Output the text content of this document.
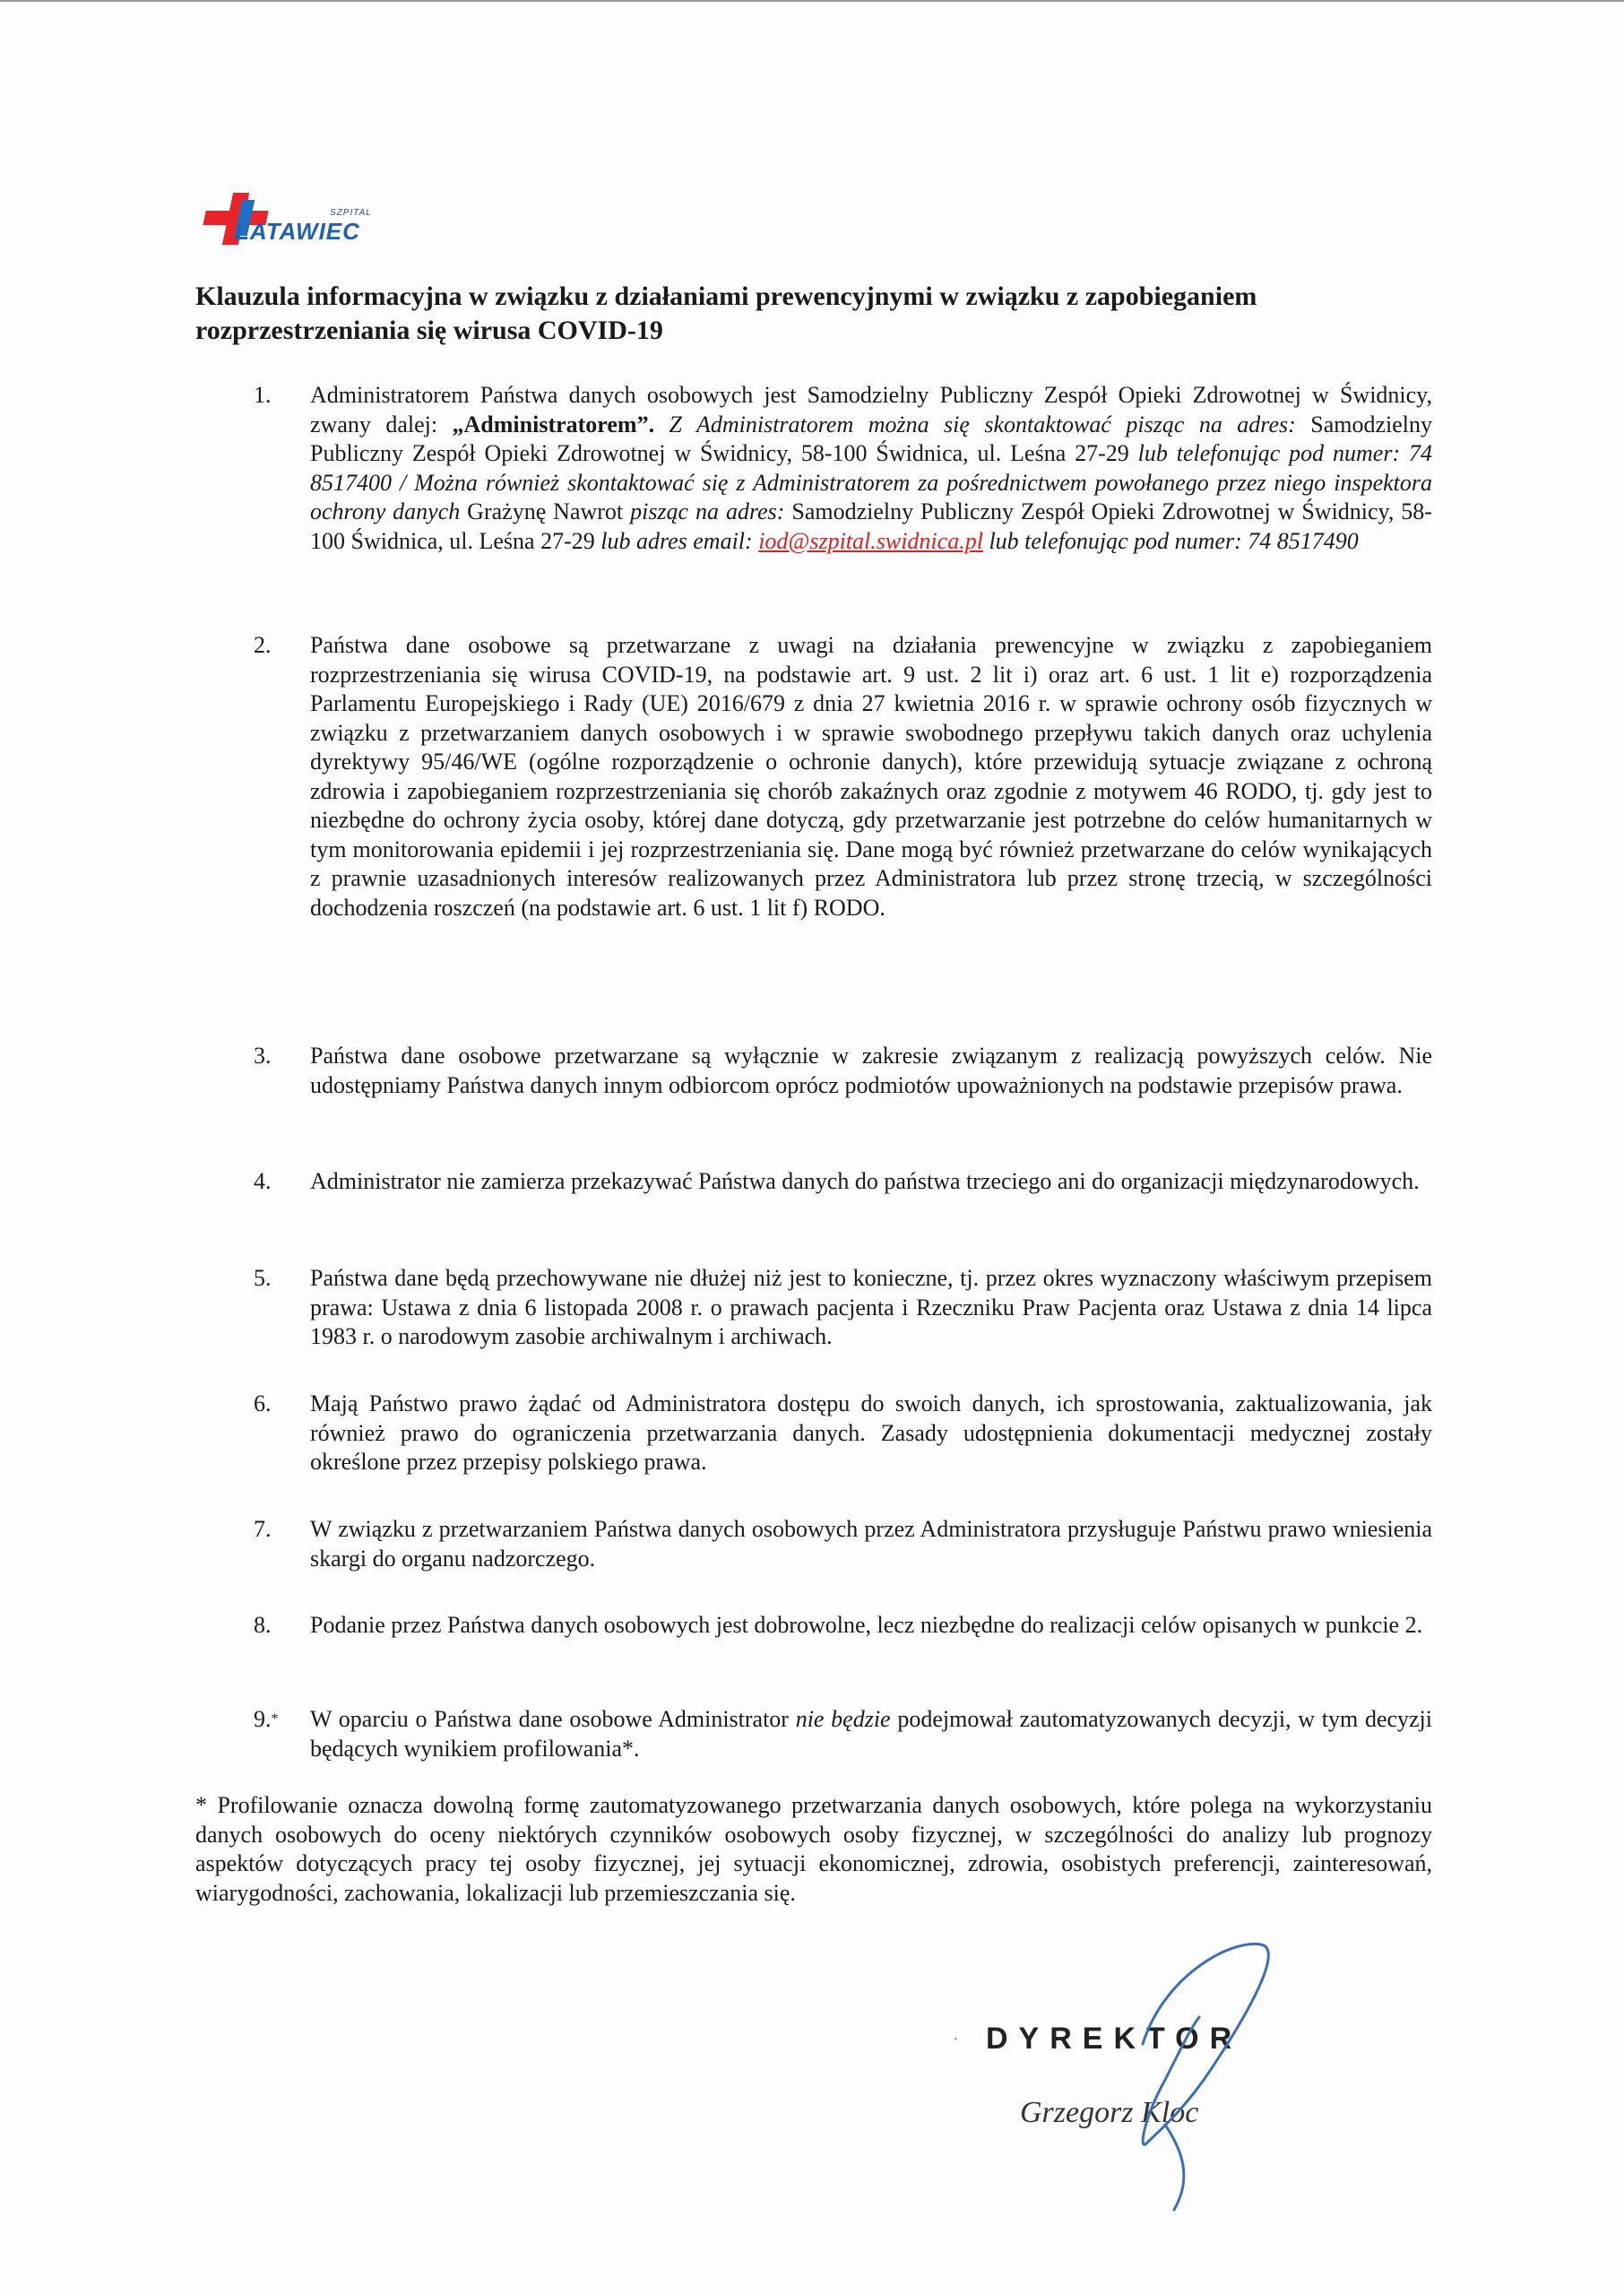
SZPITAL
LATAWIEC
Klauzula informacyjna w związku z działaniami prewencyjnymi w związku z zapobieganiem rozprzestrzeniania się wirusa COVID-19
1. Administratorem Państwa danych osobowych jest Samodzielny Publiczny Zespół Opieki Zdrowotnej w Świdnicy, zwany dalej: „Administratorem”. Z Administratorem można się skontaktować pisząc na adres: Samodzielny Publiczny Zespół Opieki Zdrowotnej w Świdnicy, 58-100 Świdnica, ul. Leśna 27-29 lub telefonując pod numer: 74 8517400 / Można również skontaktować się z Administratorem za pośrednictwem powołanego przez niego inspektora ochrony danych Grażynę Nawrot pisząc na adres: Samodzielny Publiczny Zespół Opieki Zdrowotnej w Świdnicy, 58-100 Świdnica, ul. Leśna 27-29 lub adres email: iod@szpital.swidnica.pl lub telefonując pod numer: 74 8517490
2. Państwa dane osobowe są przetwarzane z uwagi na działania prewencyjne w związku z zapobieganiem rozprzestrzeniania się wirusa COVID-19, na podstawie art. 9 ust. 2 lit i) oraz art. 6 ust. 1 lit e) rozporządzenia Parlamentu Europejskiego i Rady (UE) 2016/679 z dnia 27 kwietnia 2016 r. w sprawie ochrony osób fizycznych w związku z przetwarzaniem danych osobowych i w sprawie swobodnego przepływu takich danych oraz uchylenia dyrektywy 95/46/WE (ogólne rozporządzenie o ochronie danych), które przewidują sytuacje związane z ochroną zdrowia i zapobieganiem rozprzestrzeniania się chorób zakaźnych oraz zgodnie z motywem 46 RODO, tj. gdy jest to niezbędne do ochrony życia osoby, której dane dotyczą, gdy przetwarzanie jest potrzebne do celów humanitarnych w tym monitorowania epidemii i jej rozprzestrzeniania się. Dane mogą być również przetwarzane do celów wynikających z prawnie uzasadnionych interesów realizowanych przez Administratora lub przez stronę trzecią, w szczególności dochodzenia roszczeń (na podstawie art. 6 ust. 1 lit f) RODO.
3. Państwa dane osobowe przetwarzane są wyłącznie w zakresie związanym z realizacją powyższych celów. Nie udostępniamy Państwa danych innym odbiorcom oprócz podmiotów upoważnionych na podstawie przepisów prawa.
4. Administrator nie zamierza przekazywać Państwa danych do państwa trzeciego ani do organizacji międzynarodowych.
5. Państwa dane będą przechowywane nie dłużej niż jest to konieczne, tj. przez okres wyznaczony właściwym przepisem prawa: Ustawa z dnia 6 listopada 2008 r. o prawach pacjenta i Rzeczniku Praw Pacjenta oraz Ustawa z dnia 14 lipca 1983 r. o narodowym zasobie archiwalnym i archiwach.
6. Mają Państwo prawo żądać od Administratora dostępu do swoich danych, ich sprostowania, zaktualizowania, jak również prawo do ograniczenia przetwarzania danych. Zasady udostępnienia dokumentacji medycznej zostały określone przez przepisy polskiego prawa.
7. W związku z przetwarzaniem Państwa danych osobowych przez Administratora przysługuje Państwu prawo wniesienia skargi do organu nadzorczego.
8. Podanie przez Państwa danych osobowych jest dobrowolne, lecz niezbędne do realizacji celów opisanych w punkcie 2.
9.* W oparciu o Państwa dane osobowe Administrator nie będzie podejmował zautomatyzowanych decyzji, w tym decyzji będących wynikiem profilowania*.
* Profilowanie oznacza dowolną formę zautomatyzowanego przetwarzania danych osobowych, które polega na wykorzystaniu danych osobowych do oceny niektórych czynników osobowych osoby fizycznej, w szczególności do analizy lub prognozy aspektów dotyczących pracy tej osoby fizycznej, jej sytuacji ekonomicznej, zdrowia, osobistych preferencji, zainteresowań, wiarygodności, zachowania, lokalizacji lub przemieszczania się.
· DYREKTOR
Grzegorz Kloc
